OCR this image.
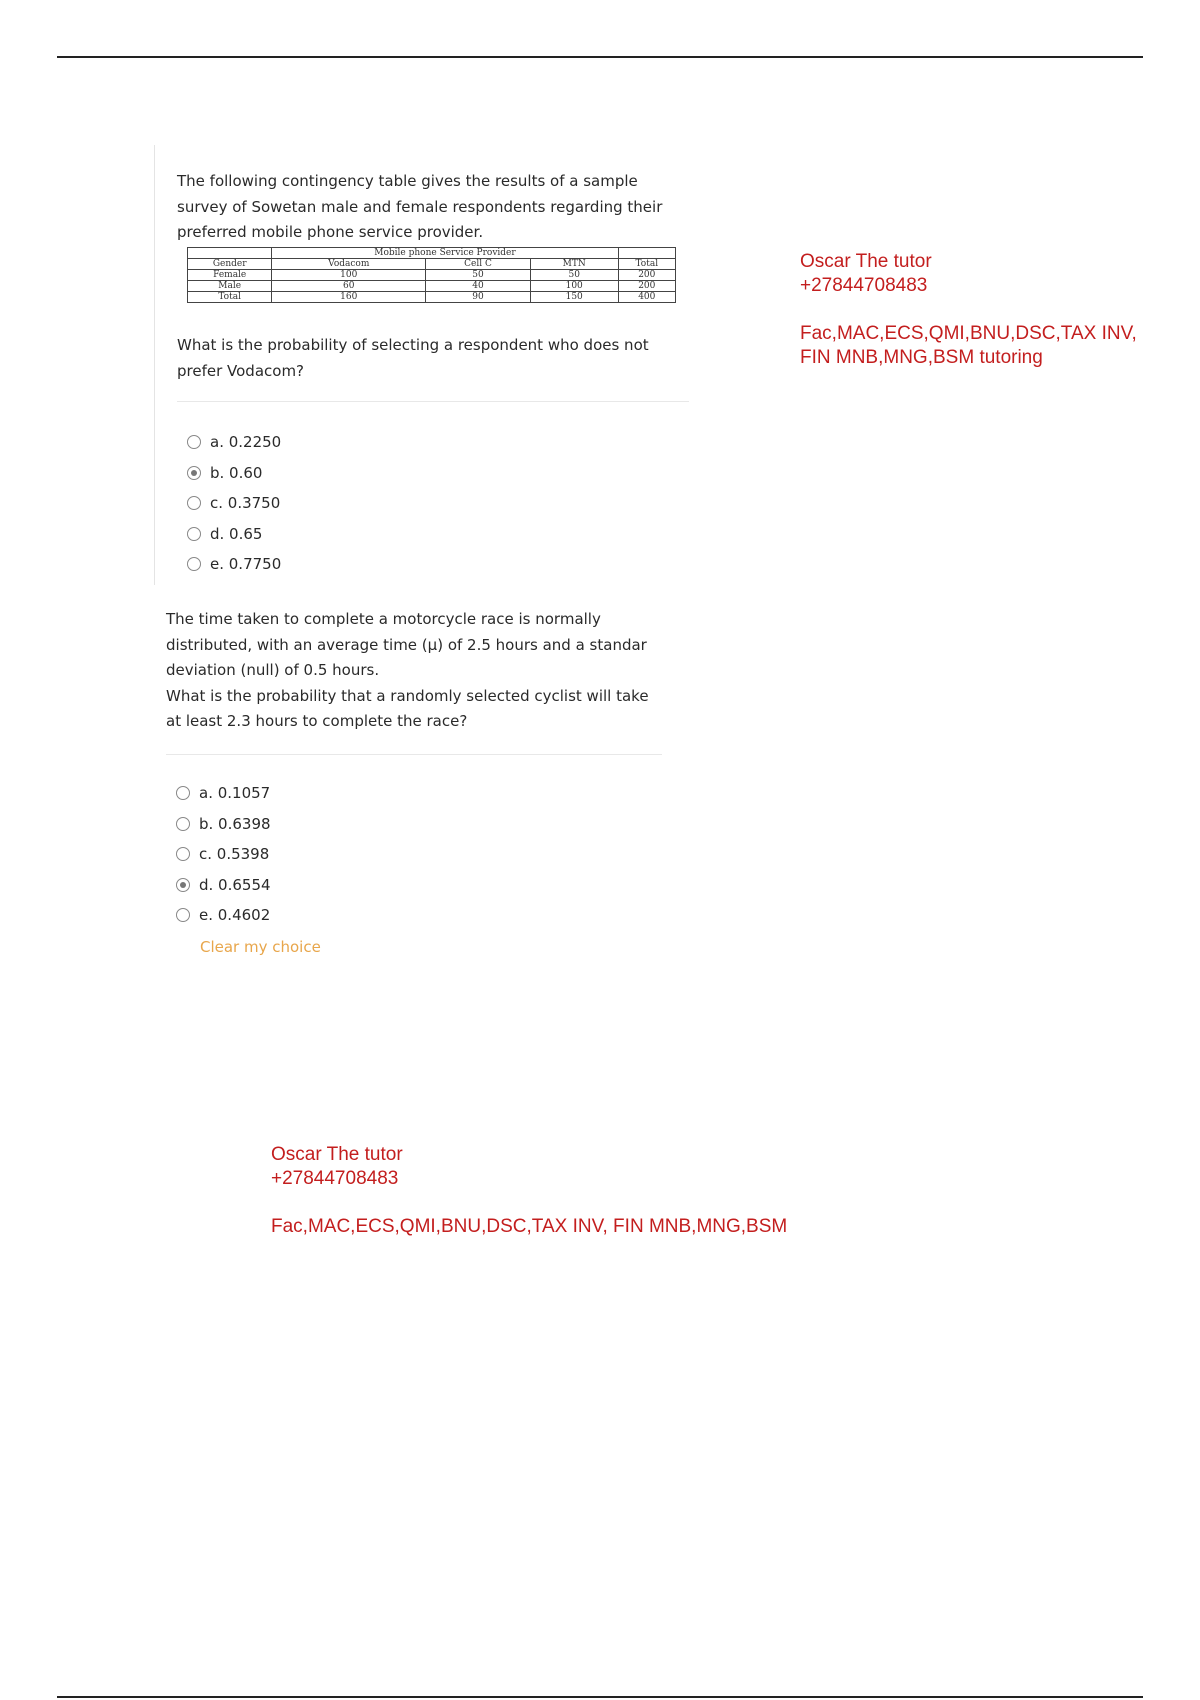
The following contingency table gives the results of a sample survey of Sowetan male and female respondents regarding their preferred mobile phone service provider.
	Mobile phone Service Provider			
Gender	Vodacom	Cell C	MTN	Total
Female	100	50	50	200
Male	60	40	100	200
Total	160	90	150	400
What is the probability of selecting a respondent who does not prefer Vodacom?
a. 0.2250
b. 0.60
c. 0.3750
d. 0.65
e. 0.7750
The time taken to complete a motorcycle race is normally
distributed, with an average time (µ) of 2.5 hours and a standar
deviation (null) of 0.5 hours.
What is the probability that a randomly selected cyclist will take
at least 2.3 hours to complete the race?
a. 0.1057
b. 0.6398
c. 0.5398
d. 0.6554
e. 0.4602
Clear my choice
Oscar The tutor
+27844708483
Fac,MAC,ECS,QMI,BNU,DSC,TAX INV,
FIN MNB,MNG,BSM tutoring
Oscar The tutor
+27844708483
Fac,MAC,ECS,QMI,BNU,DSC,TAX INV, FIN MNB,MNG,BSM
